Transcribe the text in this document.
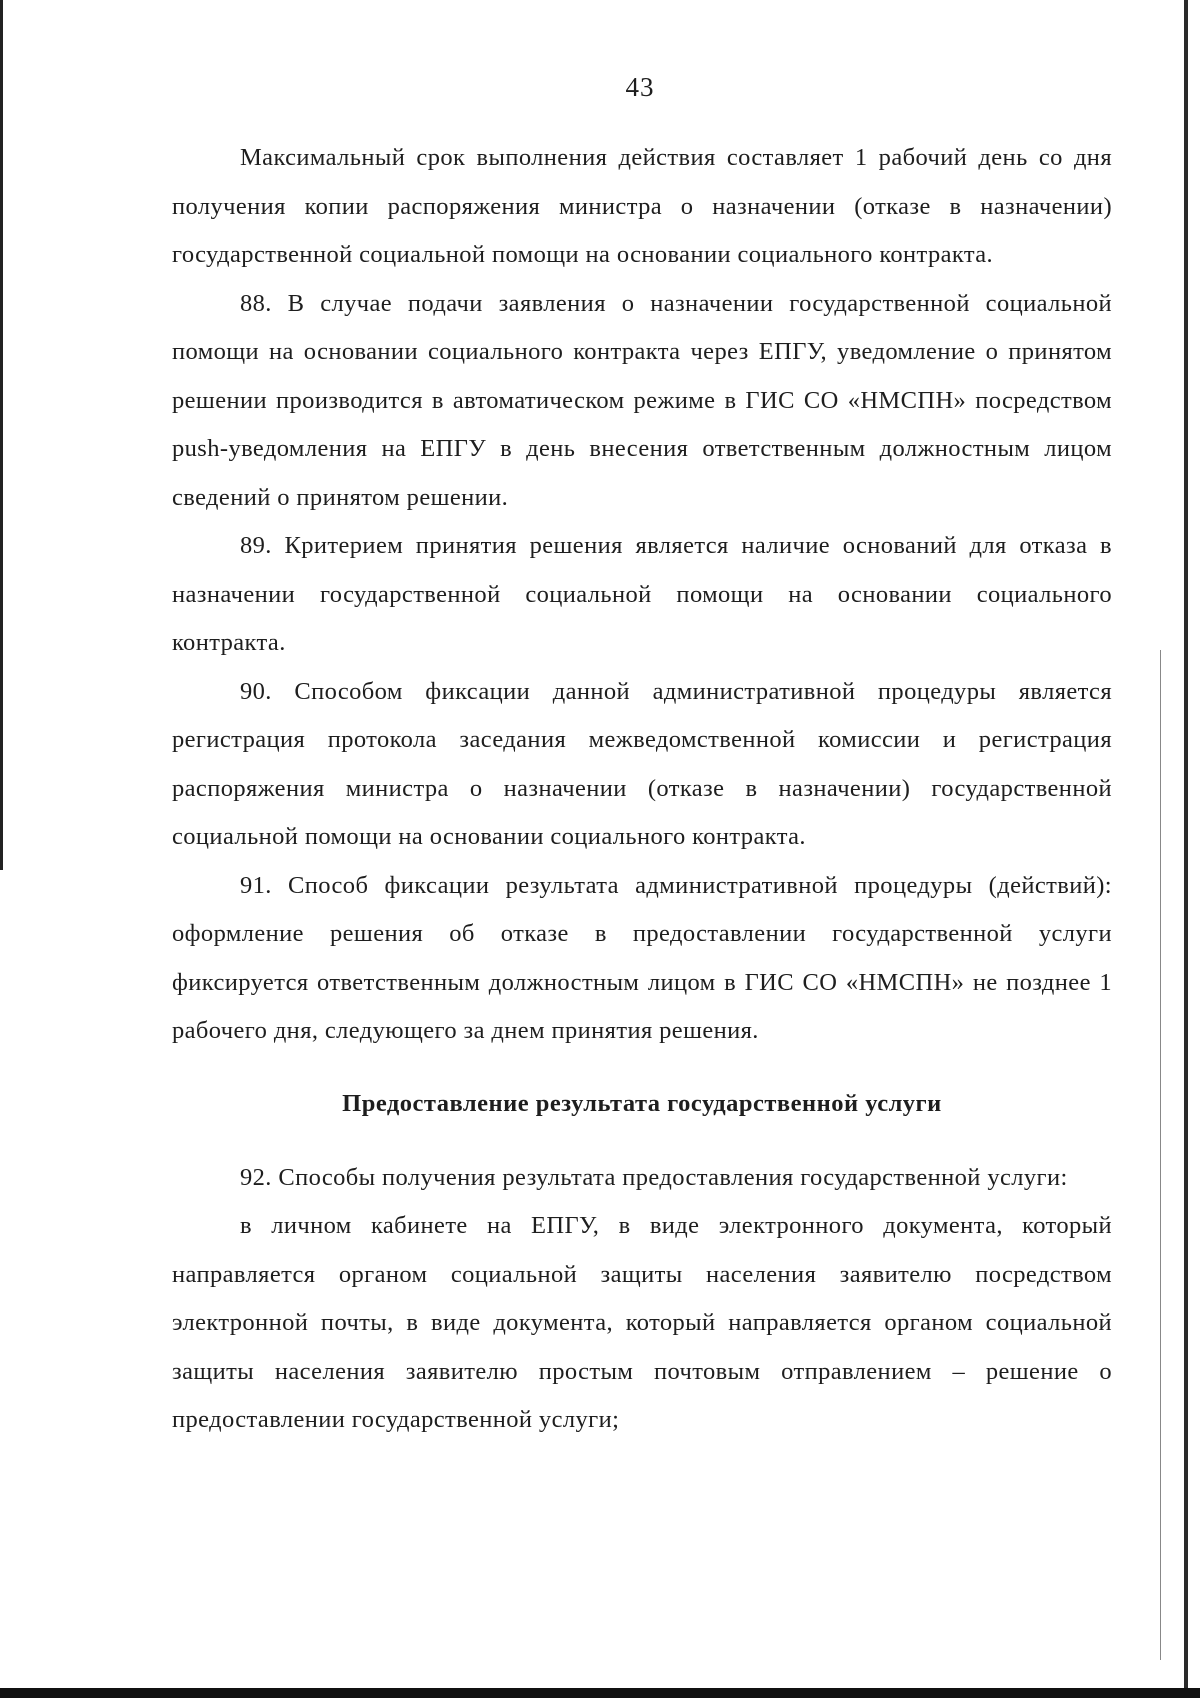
43

Максимальный срок выполнения действия составляет 1 рабочий день со дня получения копии распоряжения министра о назначении (отказе в назначении) государственной социальной помощи на основании социального контракта.

88. В случае подачи заявления о назначении государственной социальной помощи на основании социального контракта через ЕПГУ, уведомление о принятом решении производится в автоматическом режиме в ГИС СО «НМСПН» посредством push-уведомления на ЕПГУ в день внесения ответственным должностным лицом сведений о принятом решении.

89. Критерием принятия решения является наличие оснований для отказа в назначении государственной социальной помощи на основании социального контракта.

90. Способом фиксации данной административной процедуры является регистрация протокола заседания межведомственной комиссии и регистрация распоряжения министра о назначении (отказе в назначении) государственной социальной помощи на основании социального контракта.

91. Способ фиксации результата административной процедуры (действий): оформление решения об отказе в предоставлении государственной услуги фиксируется ответственным должностным лицом в ГИС СО «НМСПН» не позднее 1 рабочего дня, следующего за днем принятия решения.

Предоставление результата государственной услуги

92. Способы получения результата предоставления государственной услуги:

в личном кабинете на ЕПГУ, в виде электронного документа, который направляется органом социальной защиты населения заявителю посредством электронной почты, в виде документа, который направляется органом социальной защиты населения заявителю простым почтовым отправлением – решение о предоставлении государственной услуги;
